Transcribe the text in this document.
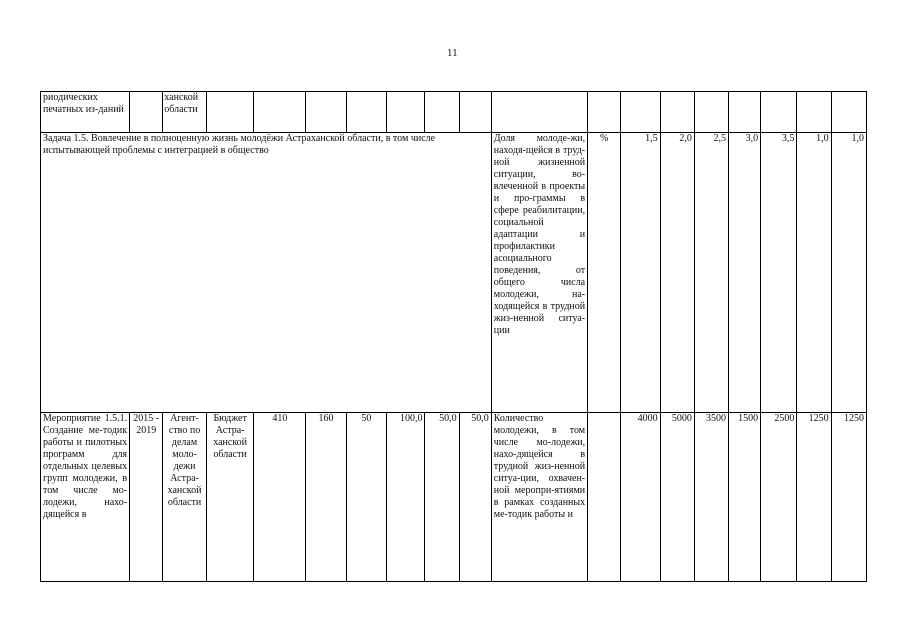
11
риодических печатных из-даний		ханской области																
Задача 1.5. Вовлечение в полноценную жизнь молодёжи Астраханской области, в том числе испытывающей проблемы с интеграцией в общество										Доля молоде-жи, находя-щейся в труд-ной жизненной ситуации, во-влеченной в проекты и про-граммы в сфере реабилитации, социальной адаптации и профилактики асоциального поведения, от общего числа молодежи, на-ходящейся в трудной жиз-ненной ситуа-ции	%	1,5	2,0	2,5	3,0	3,5	1,0	1,0
Мероприятие 1.5.1. Создание ме-тодик работы и пилотных программ для отдельных целевых групп молодежи, в том числе мо-лодежи, нахо-дящейся в	2015 - 2019	Агент-ство по делам моло-дежи Астра-ханской области	Бюджет Астра-ханской области	410	160	50	100,0	50,0	50,0	Количество молодежи, в том числе мо-лодежи, нахо-дящейся в трудной жиз-ненной ситуа-ции, охвачен-ной меропри-ятиями в рамках созданных ме-тодик работы и		4000	5000	3500	1500	2500	1250	1250
